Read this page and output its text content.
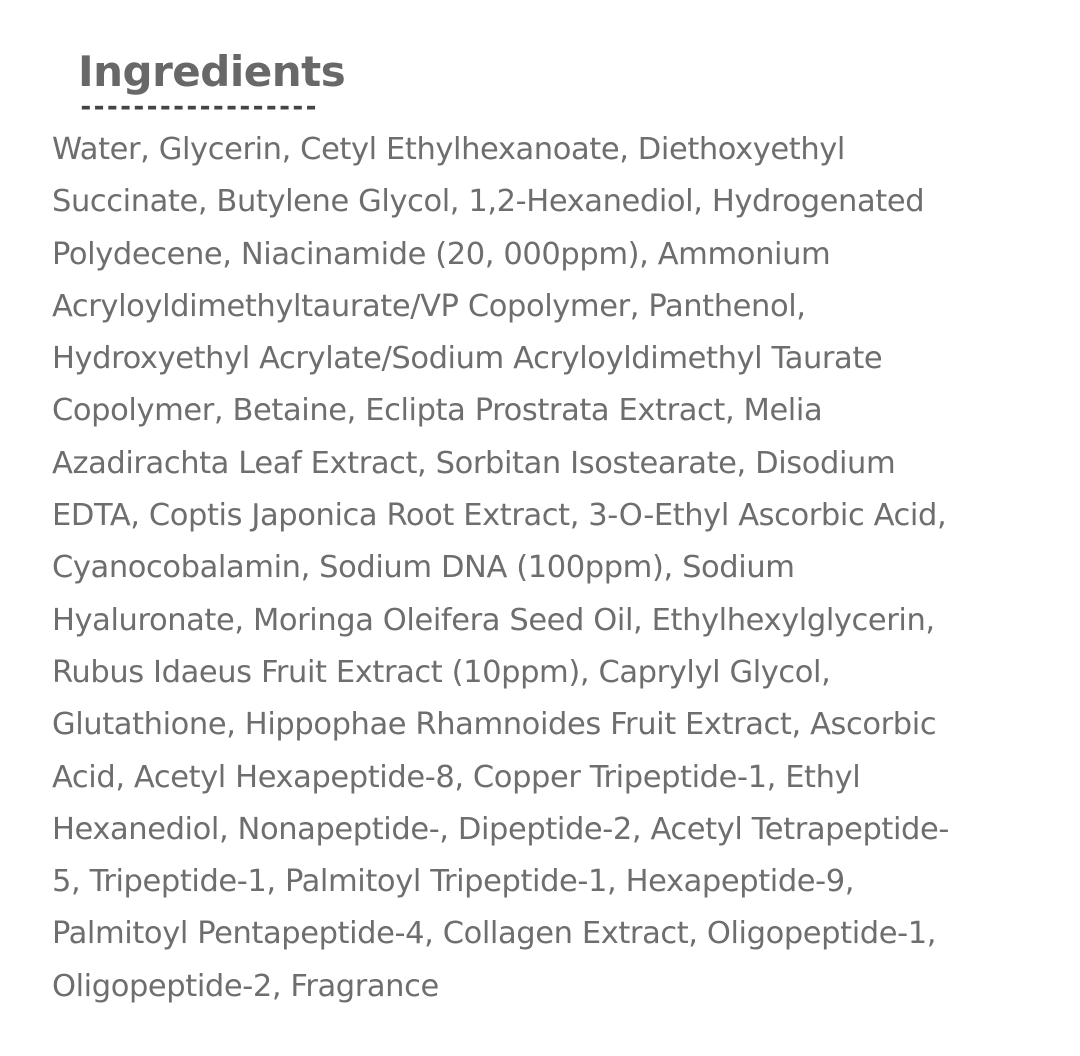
Ingredients
------------------

Water, Glycerin, Cetyl Ethylhexanoate, Diethoxyethyl
Succinate, Butylene Glycol, 1,2-Hexanediol, Hydrogenated
Polydecene, Niacinamide (20, 000ppm), Ammonium
Acryloyldimethyltaurate/VP Copolymer, Panthenol,
Hydroxyethyl Acrylate/Sodium Acryloyldimethyl Taurate
Copolymer, Betaine, Eclipta Prostrata Extract, Melia
Azadirachta Leaf Extract, Sorbitan Isostearate, Disodium
EDTA, Coptis Japonica Root Extract, 3-O-Ethyl Ascorbic Acid,
Cyanocobalamin, Sodium DNA (100ppm), Sodium
Hyaluronate, Moringa Oleifera Seed Oil, Ethylhexylglycerin,
Rubus Idaeus Fruit Extract (10ppm), Caprylyl Glycol,
Glutathione, Hippophae Rhamnoides Fruit Extract, Ascorbic
Acid, Acetyl Hexapeptide-8, Copper Tripeptide-1, Ethyl
Hexanediol, Nonapeptide-, Dipeptide-2, Acetyl Tetrapeptide-
5, Tripeptide-1, Palmitoyl Tripeptide-1, Hexapeptide-9,
Palmitoyl Pentapeptide-4, Collagen Extract, Oligopeptide-1,
Oligopeptide-2, Fragrance
